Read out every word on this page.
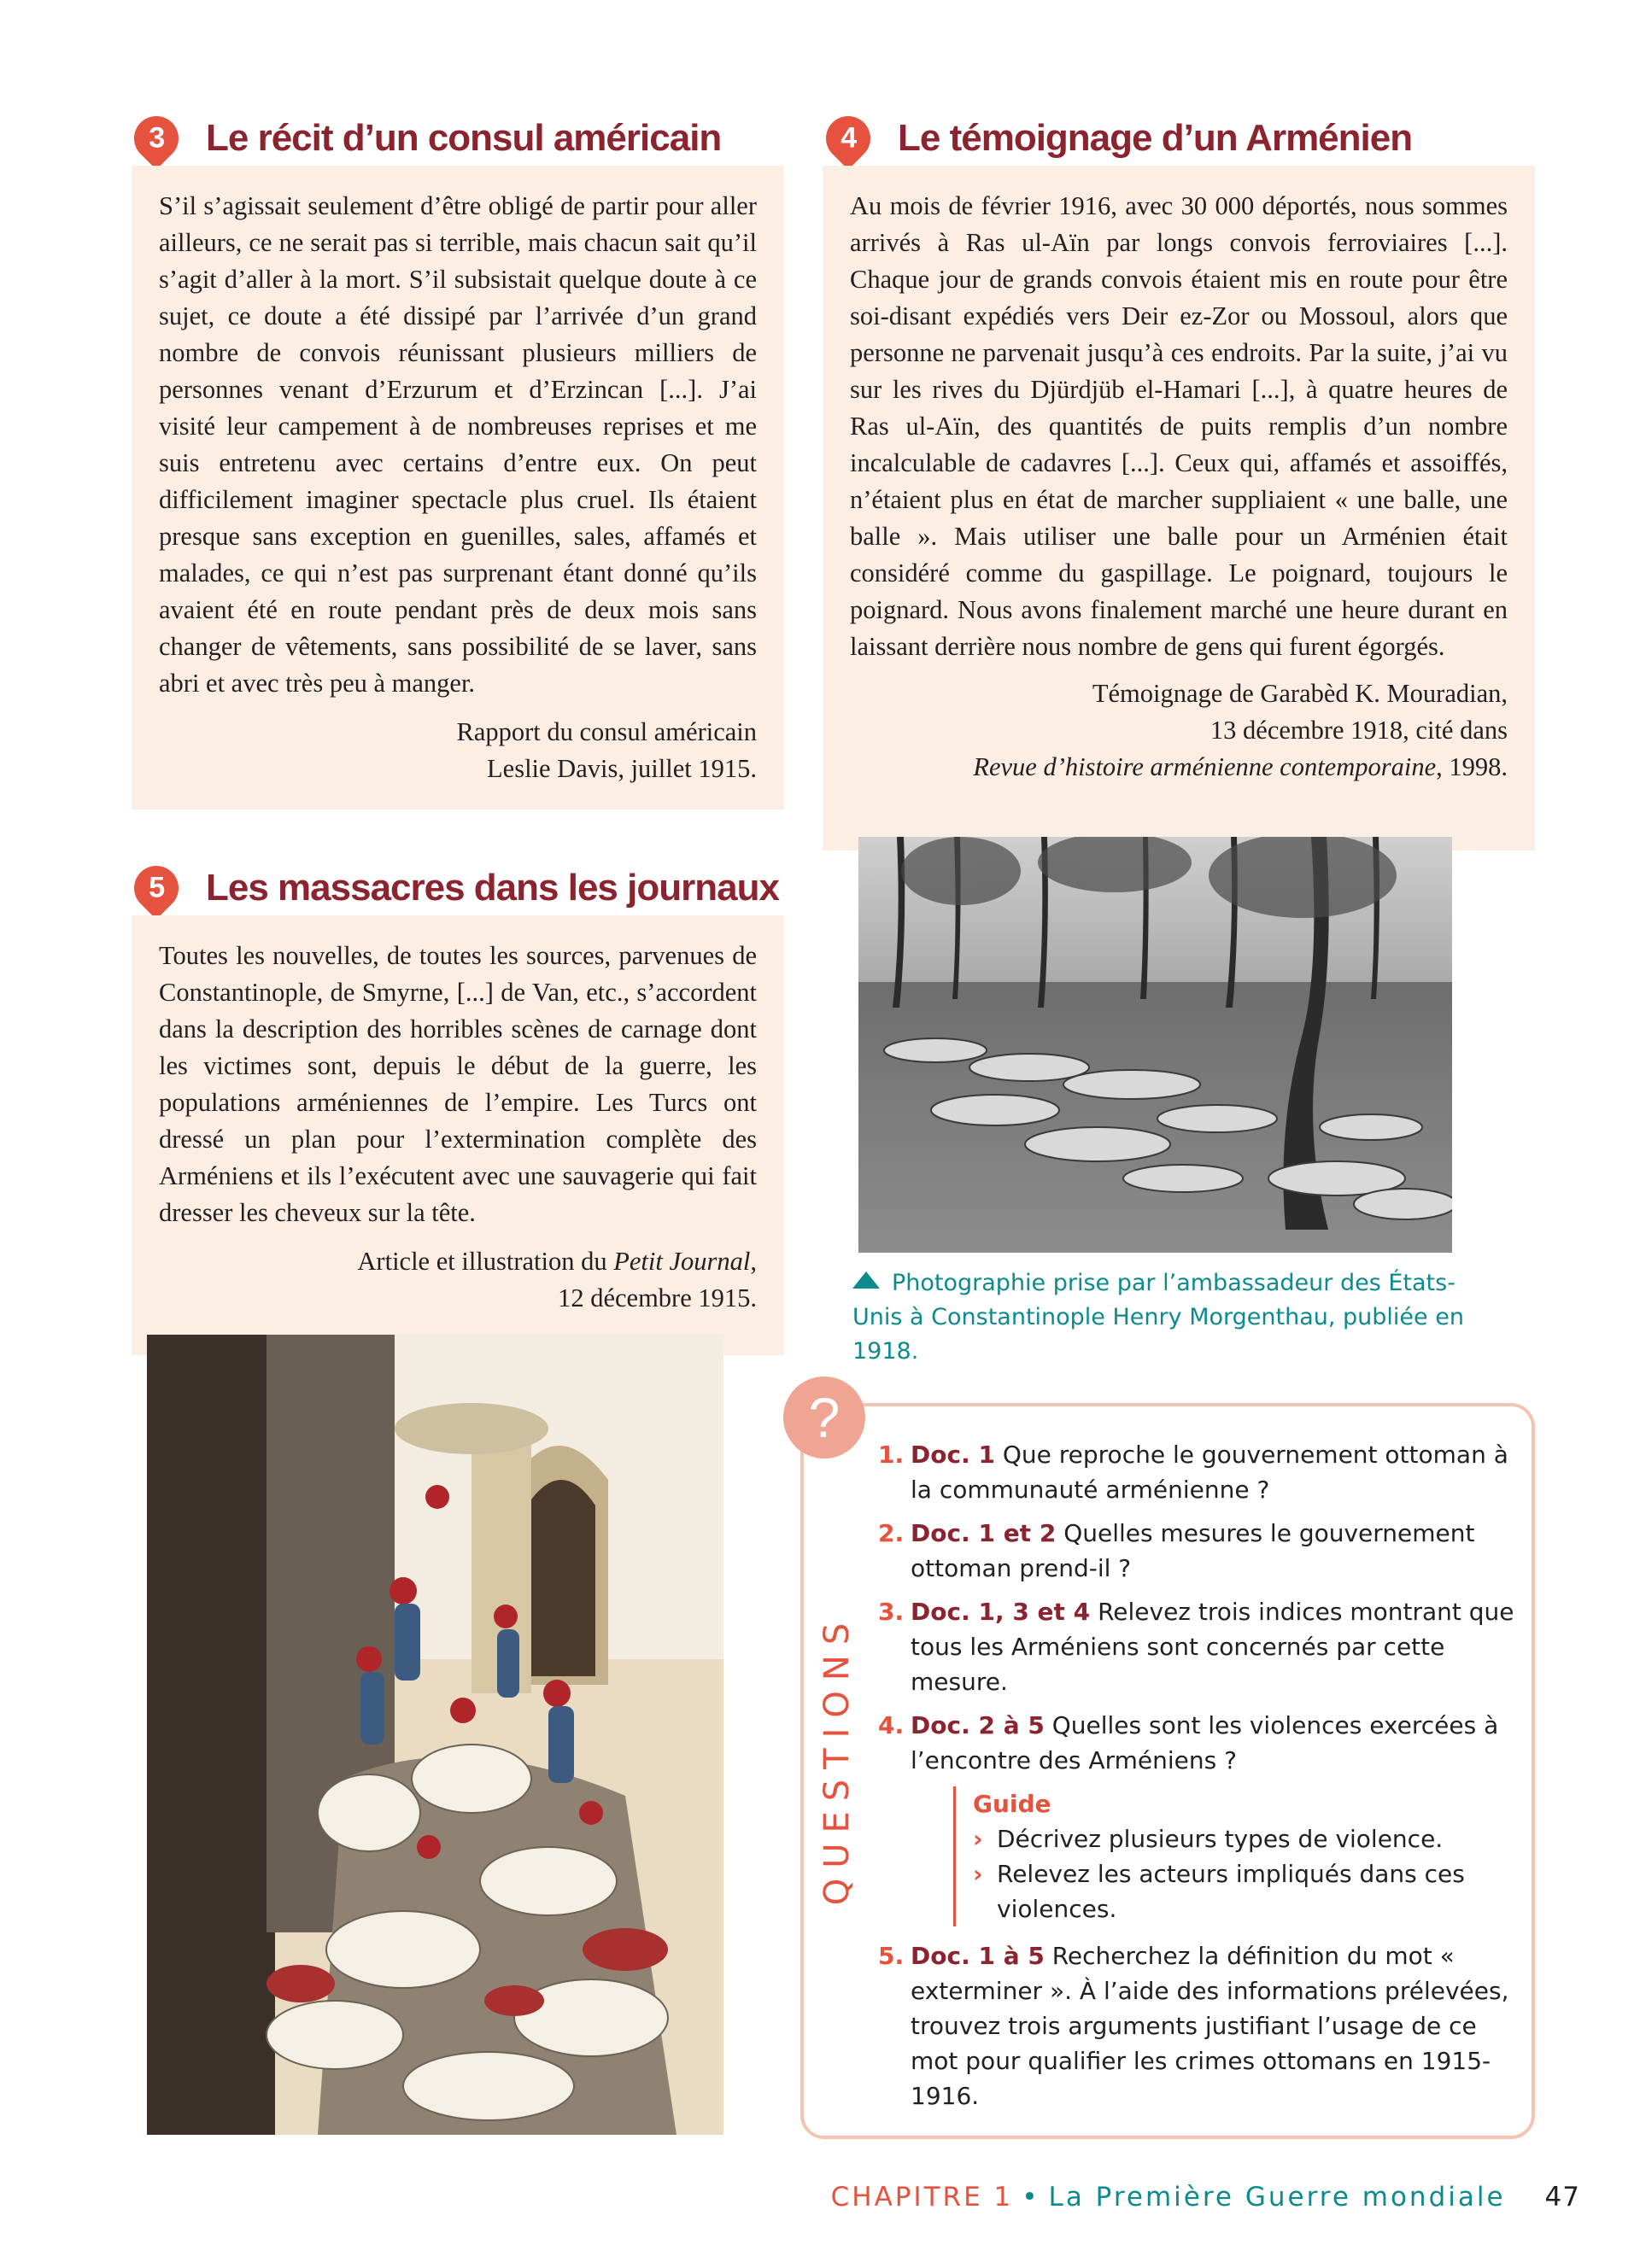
3 Le récit d’un consul américain

S’il s’agissait seulement d’être obligé de partir pour aller ailleurs, ce ne serait pas si terrible, mais chacun sait qu’il s’agit d’aller à la mort. S’il subsistait quelque doute à ce sujet, ce doute a été dissipé par l’arrivée d’un grand nombre de convois réunissant plusieurs milliers de personnes venant d’Erzurum et d’Erzincan [...]. J’ai visité leur campement à de nombreuses reprises et me suis entretenu avec certains d’entre eux. On peut difficilement imaginer spectacle plus cruel. Ils étaient presque sans exception en guenilles, sales, affamés et malades, ce qui n’est pas surprenant étant donné qu’ils avaient été en route pendant près de deux mois sans changer de vêtements, sans possibilité de se laver, sans abri et avec très peu à manger.

Rapport du consul américain
Leslie Davis, juillet 1915.
4 Le témoignage d’un Arménien

Au mois de février 1916, avec 30 000 déportés, nous sommes arrivés à Ras ul-Aïn par longs convois ferroviaires [...]. Chaque jour de grands convois étaient mis en route pour être soi-disant expédiés vers Deir ez-Zor ou Mossoul, alors que personne ne parvenait jusqu’à ces endroits. Par la suite, j’ai vu sur les rives du Djürdjüb el-Hamari [...], à quatre heures de Ras ul-Aïn, des quantités de puits remplis d’un nombre incalculable de cadavres [...]. Ceux qui, affamés et assoiffés, n’étaient plus en état de marcher suppliaient « une balle, une balle ». Mais utiliser une balle pour un Arménien était considéré comme du gaspillage. Le poignard, toujours le poignard. Nous avons finalement marché une heure durant en laissant derrière nous nombre de gens qui furent égorgés.

Témoignage de Garabèd K. Mouradian,
13 décembre 1918, cité dans
Revue d’histoire arménienne contemporaine, 1998.
Photographie prise par l’ambassadeur des États-Unis à Constantinople Henry Morgenthau, publiée en 1918.
5 Les massacres dans les journaux

Toutes les nouvelles, de toutes les sources, parvenues de Constantinople, de Smyrne, [...] de Van, etc., s’accordent dans la description des horribles scènes de carnage dont les victimes sont, depuis le début de la guerre, les populations arméniennes de l’empire. Les Turcs ont dressé un plan pour l’extermination complète des Arméniens et ils l’exécutent avec une sauvagerie qui fait dresser les cheveux sur la tête.

Article et illustration du Petit Journal,
12 décembre 1915.
?
QUESTIONS
1. Doc. 1 Que reproche le gouvernement ottoman à la communauté arménienne ?
2. Doc. 1 et 2 Quelles mesures le gouvernement ottoman prend-il ?
3. Doc. 1, 3 et 4 Relevez trois indices montrant que tous les Arméniens sont concernés par cette mesure.
4. Doc. 2 à 5 Quelles sont les violences exercées à l’encontre des Arméniens ?
Guide
› Décrivez plusieurs types de violence.
› Relevez les acteurs impliqués dans ces violences.
5. Doc. 1 à 5 Recherchez la définition du mot « exterminer ». À l’aide des informations prélevées, trouvez trois arguments justifiant l’usage de ce mot pour qualifier les crimes ottomans en 1915-1916.
CHAPITRE 1 • La Première Guerre mondiale 47
